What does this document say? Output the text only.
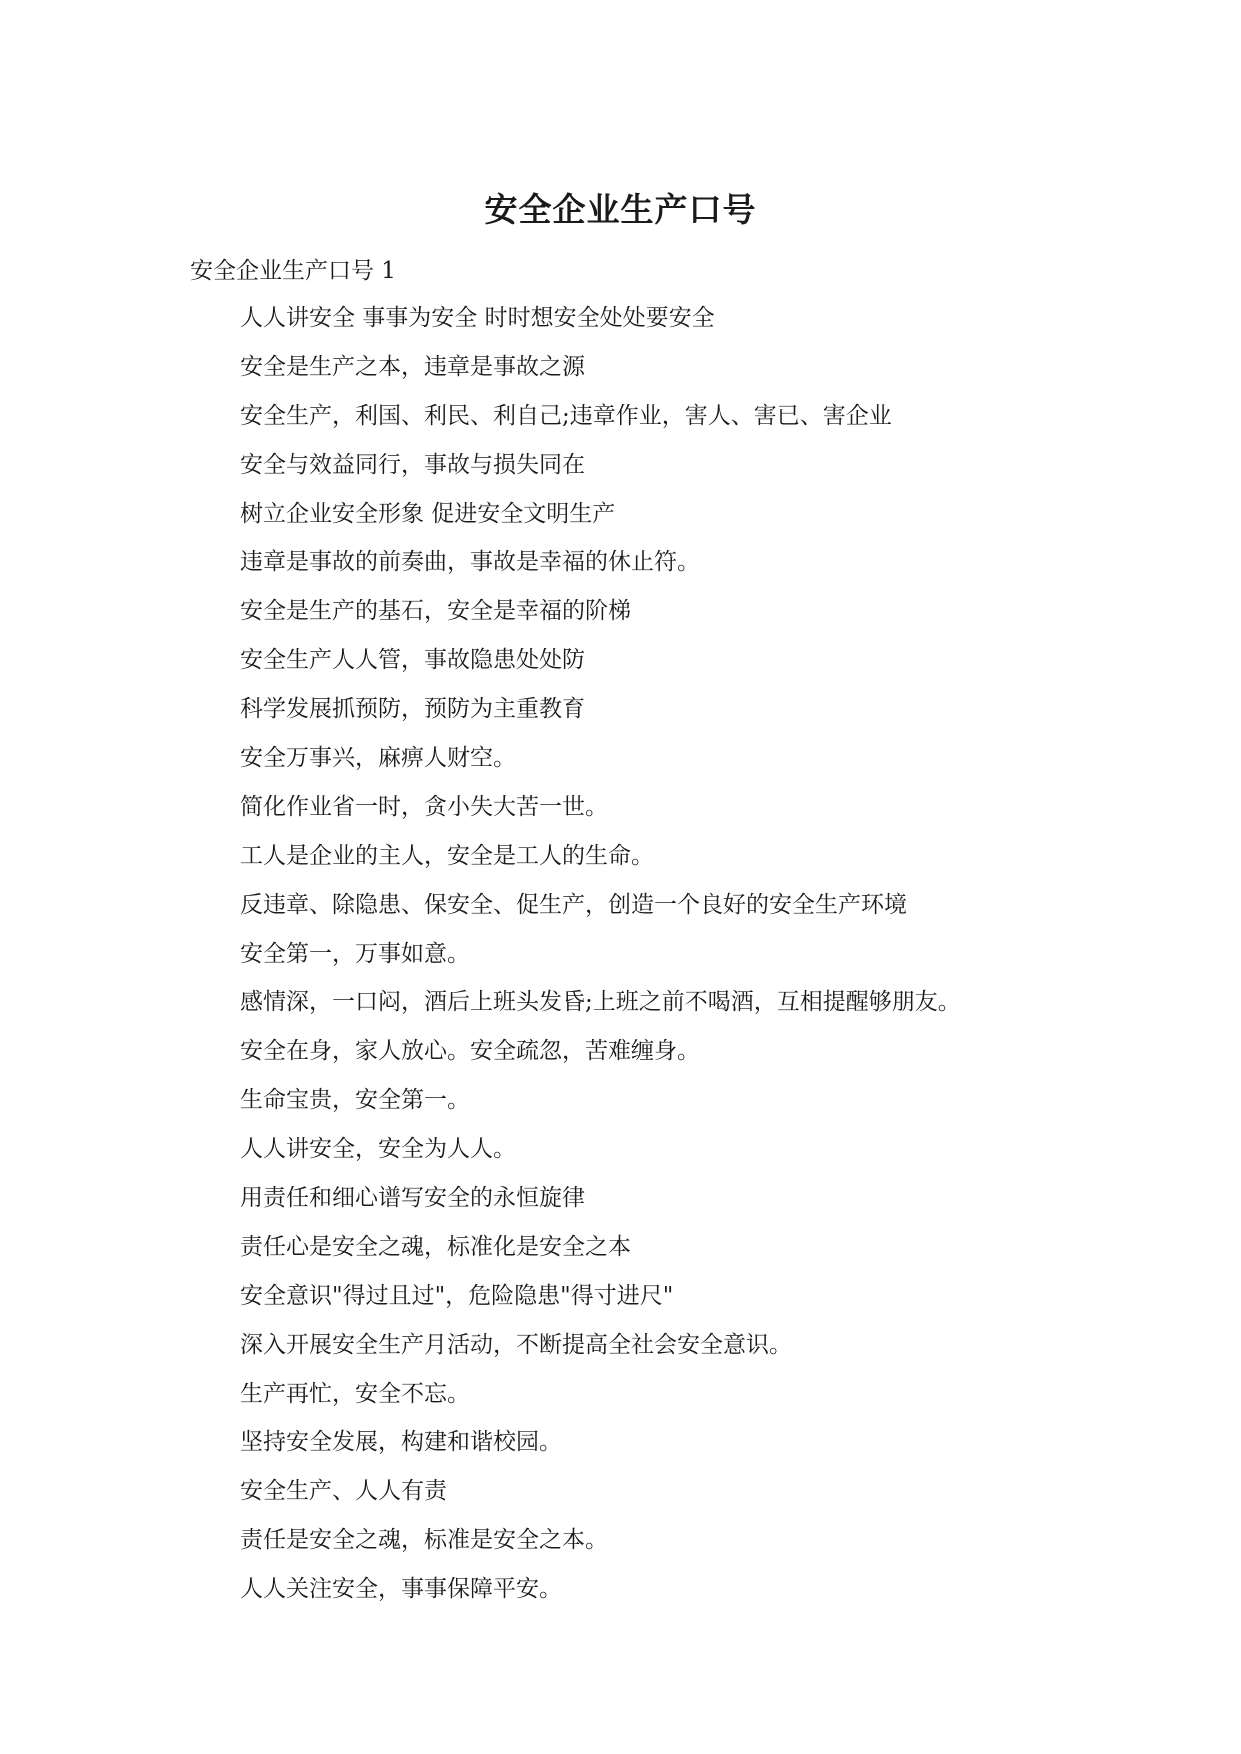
安全企业生产口号

安全企业生产口号 1

人人讲安全 事事为安全 时时想安全处处要安全
安全是生产之本，违章是事故之源
安全生产，利国、利民、利自己;违章作业，害人、害已、害企业
安全与效益同行，事故与损失同在
树立企业安全形象 促进安全文明生产
违章是事故的前奏曲，事故是幸福的休止符。
安全是生产的基石，安全是幸福的阶梯
安全生产人人管，事故隐患处处防
科学发展抓预防，预防为主重教育
安全万事兴，麻痹人财空。
简化作业省一时，贪小失大苦一世。
工人是企业的主人，安全是工人的生命。
反违章、除隐患、保安全、促生产，创造一个良好的安全生产环境
安全第一，万事如意。
感情深，一口闷，酒后上班头发昏;上班之前不喝酒，互相提醒够朋友。
安全在身，家人放心。安全疏忽，苦难缠身。
生命宝贵，安全第一。
人人讲安全，安全为人人。
用责任和细心谱写安全的永恒旋律
责任心是安全之魂，标准化是安全之本
安全意识"得过且过"，危险隐患"得寸进尺"
深入开展安全生产月活动，不断提高全社会安全意识。
生产再忙，安全不忘。
坚持安全发展，构建和谐校园。
安全生产、人人有责
责任是安全之魂，标准是安全之本。
人人关注安全，事事保障平安。
